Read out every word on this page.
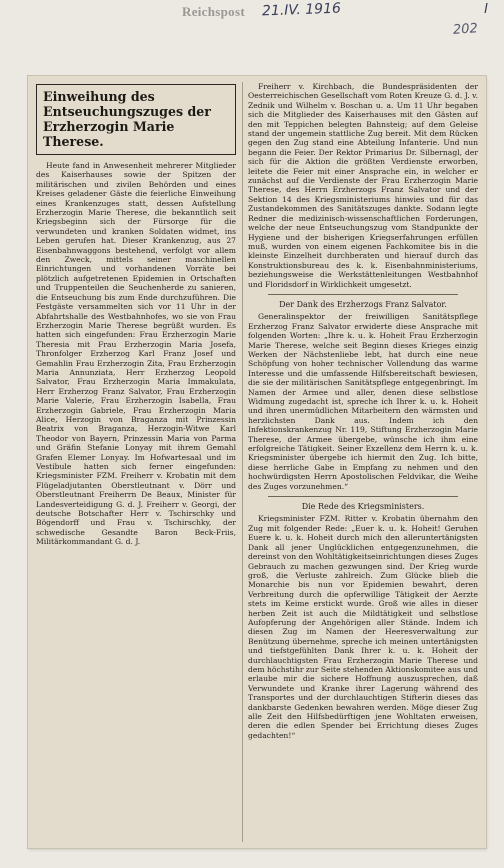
Reichspost 21.IV. 1916	I
202
Einweihung des Entseuchungszuges der Erzherzogin Marie Therese.

Heute fand in Anwesenheit mehrerer Mitglieder des Kaiserhauses sowie der Spitzen der militärischen und zivilen Behörden und eines Kreises geladener Gäste die feierliche Einweihung eines Krankenzuges statt, dessen Aufstellung Erzherzogin Marie Therese, die bekanntlich seit Kriegsbeginn sich der Fürsorge für die verwundeten und kranken Soldaten widmet, ins Leben gerufen hat. Dieser Krankenzug, aus 27 Eisenbahnwaggons bestehend, verfolgt vor allem den Zweck, mittels seiner maschinellen Einrichtungen und vorhandenen Vorräte bei plötzlich aufgetretenen Epidemien in Ortschaften und Truppenteilen die Seuchenherde zu sanieren, die Entseuchung bis zum Ende durchzuführen. Die Festgäste versammelten sich vor 11 Uhr in der Abfahrtshalle des Westbahnhofes, wo sie von Frau Erzherzogin Marie Therese begrüßt wurden. Es hatten sich eingefunden: Frau Erzherzogin Marie Theresia mit Frau Erzherzogin Maria Josefa, Thronfolger Erzherzog Karl Franz Josef und Gemahlin Frau Erzherzogin Zita, Frau Erzherzogin Maria Annunziata, Herr Erzherzog Leopold Salvator, Frau Erzherzogin Maria Immakulata, Herr Erzherzog Franz Salvator, Frau Erzherzogin Marie Valerie, Frau Erzherzogin Isabella, Frau Erzherzogin Gabriele, Frau Erzherzogin Maria Alice, Herzogin von Braganza mit Prinzessin Beatrix von Braganza, Herzogin-Witwe Karl Theodor von Bayern, Prinzessin Maria von Parma und Gräfin Stefanie Lonyay mit ihrem Gemahl Grafen Elemer Lonyay. Im Hofwartesaal und im Vestibule hatten sich ferner eingefunden: Kriegsminister FZM. Freiherr v. Krobatin mit dem Flügeladjutanten Oberstleutnant v. Dörr und Oberstleutnant Freiherrn De Beaux, Minister für Landesverteidigung G. d. J. Freiherr v. Georgi, der deutsche Botschafter Herr v. Tschirschky und Bögendorff und Frau v. Tschirschky, der schwedische Gesandte Baron Beck-Friis, Militärkommandant G. d. J.

Freiherr v. Kirchbach, die Bundespräsidenten der Oesterreichischen Gesellschaft vom Roten Kreuze G. d. J. v. Zednik und Wilhelm v. Boschan u. a. Um 11 Uhr begaben sich die Mitglieder des Kaiserhauses mit den Gästen auf den mit Teppichen belegten Bahnsteig; auf dem Geleise stand der ungemein stattliche Zug bereit. Mit dem Rücken gegen den Zug stand eine Abteilung Infanterie. Und nun begann die Feier. Der Rektor Primarius Dr. Silbernagl, der sich für die Aktion die größten Verdienste erworben, leitete die Feier mit einer Ansprache ein, in welcher er zunächst auf die Verdienste der Frau Erzherzogin Marie Therese, des Herrn Erzherzogs Franz Salvator und der Sektion 14 des Kriegsministeriums hinwies und für das Zustandekommen des Sanitätszuges dankte. Sodann legte Redner die medizinisch-wissenschaftlichen Forderungen, welche der neue Entseuchungszug vom Standpunkte der Hygiene und der bisherigen Kriegserfahrungen erfüllen muß, wurden von einem eigenen Fachkomitee bis in die kleinste Einzelheit durchberaten und hierauf durch das Konstruktionsbureau des k. k. Eisenbahnministeriums, beziehungsweise die Werkstättenleitungen Westbahnhof und Floridsdorf in Wirklichkeit umgesetzt.

Der Dank des Erzherzogs Franz Salvator.

Generalinspektor der freiwilligen Sanitätspflege Erzherzog Franz Salvator erwiderte diese Ansprache mit folgenden Worten: „Ihre k. u. k. Hoheit Frau Erzherzogin Marie Therese, welche seit Beginn dieses Krieges einzig Werken der Nächstenliebe lebt, hat durch eine neue Schöpfung von hoher technischer Vollendung das warme Interesse und die umfassende Hilfsbereitschaft bewiesen, die sie der militärischen Sanitätspflege entgegenbringt. Im Namen der Armee und aller, denen diese selbstlose Widmung zugedacht ist, spreche ich Ihrer k. u. k. Hoheit und ihren unermüdlichen Mitarbeitern den wärmsten und herzlichsten Dank aus. Indem ich den Infektionskrankenzug Nr. 119, Stiftung Erzherzogin Marie Therese, der Armee übergebe, wünsche ich ihm eine erfolgreiche Tätigkeit. Seiner Exzellenz dem Herrn k. u. k. Kriegsminister übergebe ich hiermit den Zug. Ich bitte, diese herrliche Gabe in Empfang zu nehmen und den hochwürdigsten Herrn Apostolischen Feldvikar, die Weihe des Zuges vorzunehmen.“

Die Rede des Kriegsministers.

Kriegsminister FZM. Ritter v. Krobatin übernahm den Zug mit folgender Rede: „Euer k. u. k. Hoheit! Geruhen Euere k. u. k. Hoheit durch mich den alleruntertänigsten Dank all jener Unglücklichen entgegenzunehmen, die dereinst von den Wohltätigkeitseinrichtungen dieses Zuges Gebrauch zu machen gezwungen sind. Der Krieg wurde groß, die Verluste zahlreich. Zum Glücke blieb die Monarchie bis nun vor Epidemien bewahrt, deren Verbreitung durch die opferwillige Tätigkeit der Aerzte stets im Keime erstickt wurde. Groß wie alles in dieser herben Zeit ist auch die Mildtätigkeit und selbstlose Aufopferung der Angehörigen aller Stände. Indem ich diesen Zug im Namen der Heeresverwaltung zur Benützung übernehme, spreche ich meinen untertänigsten und tiefstgefühlten Dank Ihrer k. u. k. Hoheit der durchlauchtigsten Frau Erzherzogin Marie Therese und dem höchstihr zur Seite stehenden Aktionskomitee aus und erlaube mir die sichere Hoffnung auszusprechen, daß Verwundete und Kranke ihrer Lagerung während des Transportes und der durchlauchtigen Stifterin dieses das dankbarste Gedenken bewahren werden. Möge dieser Zug alle Zeit den Hilfsbedürftigen jene Wohltaten erweisen, deren die edlen Spender bei Errichtung dieses Zuges gedachten!“
